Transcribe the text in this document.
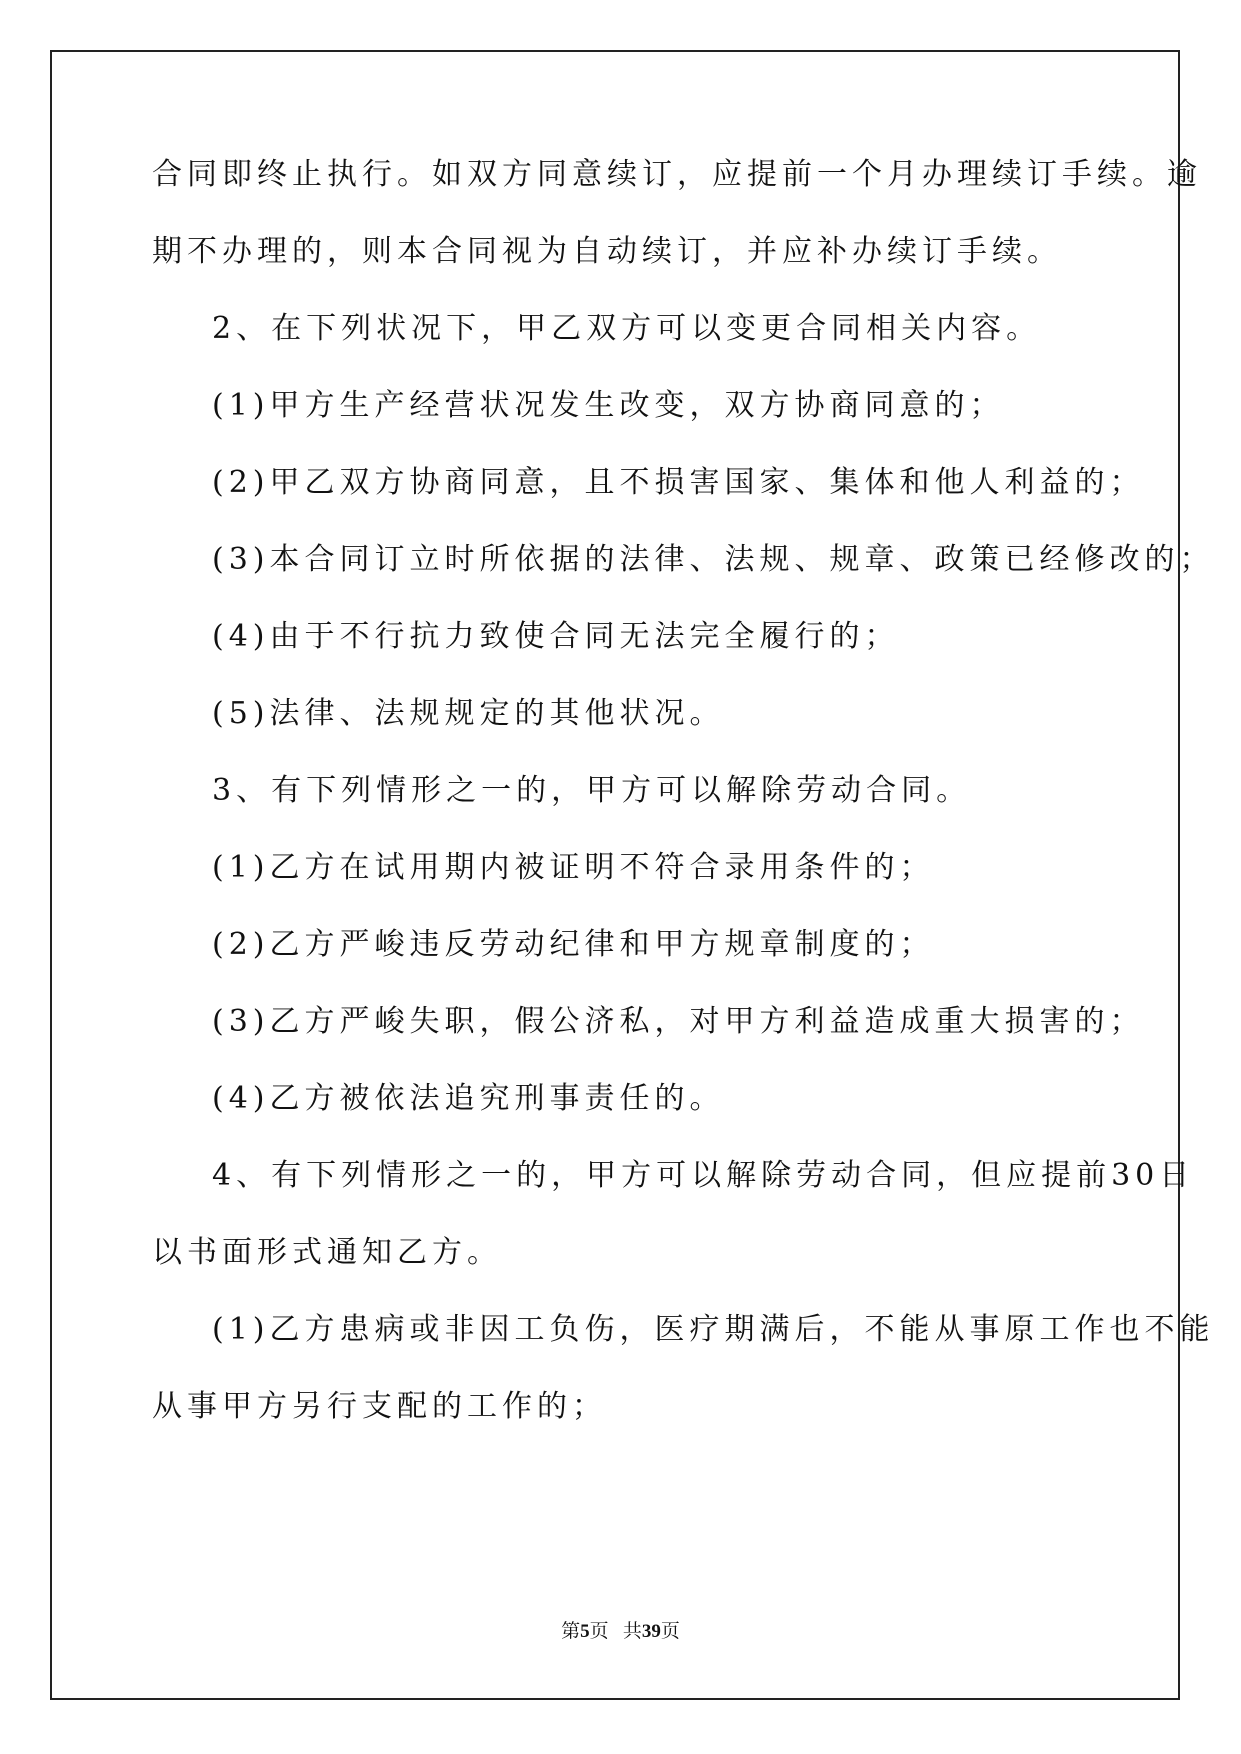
合同即终止执行。如双方同意续订，应提前一个月办理续订手续。逾
期不办理的，则本合同视为自动续订，并应补办续订手续。
2、在下列状况下，甲乙双方可以变更合同相关内容。
(1)甲方生产经营状况发生改变，双方协商同意的；
(2)甲乙双方协商同意，且不损害国家、集体和他人利益的；
(3)本合同订立时所依据的法律、法规、规章、政策已经修改的；
(4)由于不行抗力致使合同无法完全履行的；
(5)法律、法规规定的其他状况。
3、有下列情形之一的，甲方可以解除劳动合同。
(1)乙方在试用期内被证明不符合录用条件的；
(2)乙方严峻违反劳动纪律和甲方规章制度的；
(3)乙方严峻失职，假公济私，对甲方利益造成重大损害的；
(4)乙方被依法追究刑事责任的。
4、有下列情形之一的，甲方可以解除劳动合同，但应提前30日
以书面形式通知乙方。
(1)乙方患病或非因工负伤，医疗期满后，不能从事原工作也不能
从事甲方另行支配的工作的；
第5页 共39页
